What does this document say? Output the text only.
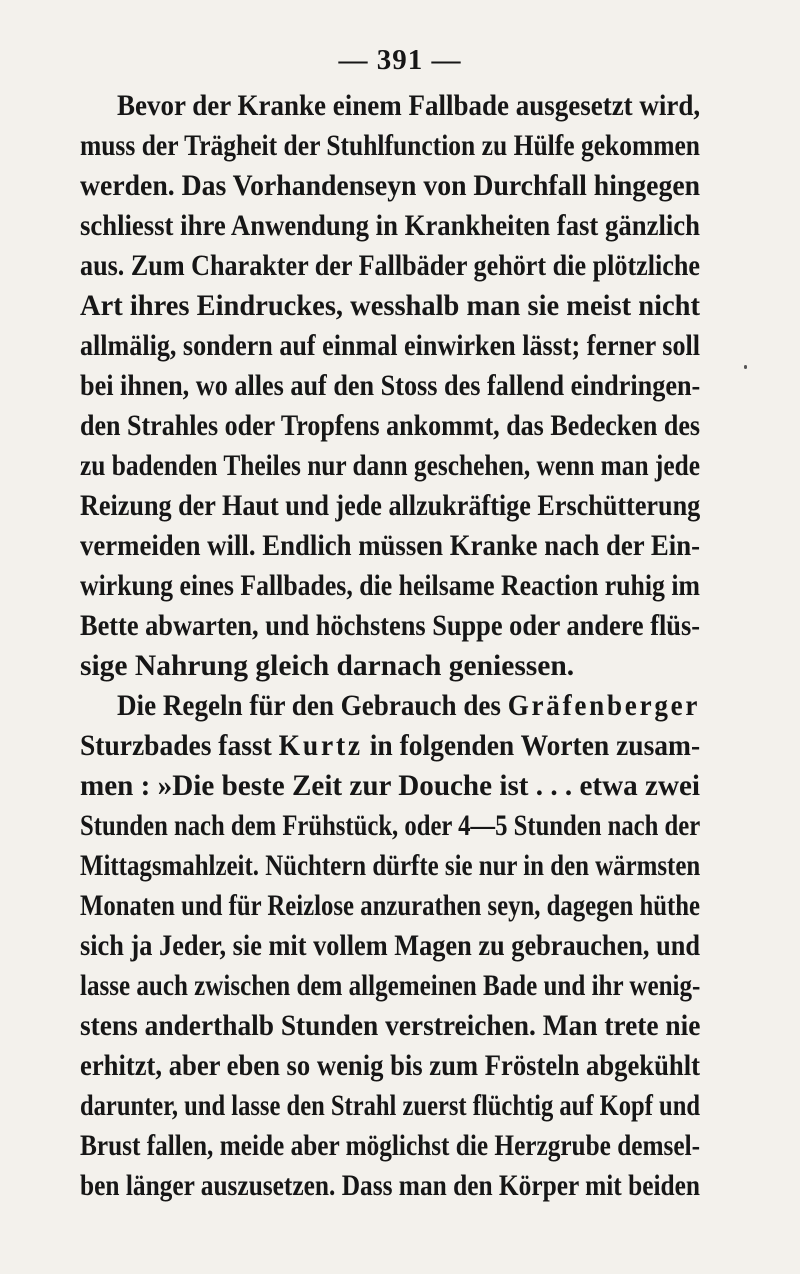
— 391 —
Bevor der Kranke einem Fallbade ausgesetzt wird,
muss der Trägheit der Stuhlfunction zu Hülfe gekommen
werden. Das Vorhandenseyn von Durchfall hingegen
schliesst ihre Anwendung in Krankheiten fast gänzlich
aus. Zum Charakter der Fallbäder gehört die plötzliche
Art ihres Eindruckes, wesshalb man sie meist nicht
allmälig, sondern auf einmal einwirken lässt; ferner soll
bei ihnen, wo alles auf den Stoss des fallend eindringen-
den Strahles oder Tropfens ankommt, das Bedecken des
zu badenden Theiles nur dann geschehen, wenn man jede
Reizung der Haut und jede allzukräftige Erschütterung
vermeiden will. Endlich müssen Kranke nach der Ein-
wirkung eines Fallbades, die heilsame Reaction ruhig im
Bette abwarten, und höchstens Suppe oder andere flüs-
sige Nahrung gleich darnach geniessen.
Die Regeln für den Gebrauch des Gräfenberger
Sturzbades fasst Kurtz in folgenden Worten zusam-
men : »Die beste Zeit zur Douche ist . . . etwa zwei
Stunden nach dem Frühstück, oder 4—5 Stunden nach der
Mittagsmahlzeit. Nüchtern dürfte sie nur in den wärmsten
Monaten und für Reizlose anzurathen seyn, dagegen hüthe
sich ja Jeder, sie mit vollem Magen zu gebrauchen, und
lasse auch zwischen dem allgemeinen Bade und ihr wenig-
stens anderthalb Stunden verstreichen. Man trete nie
erhitzt, aber eben so wenig bis zum Frösteln abgekühlt
darunter, und lasse den Strahl zuerst flüchtig auf Kopf und
Brust fallen, meide aber möglichst die Herzgrube demsel-
ben länger auszusetzen. Dass man den Körper mit beiden
